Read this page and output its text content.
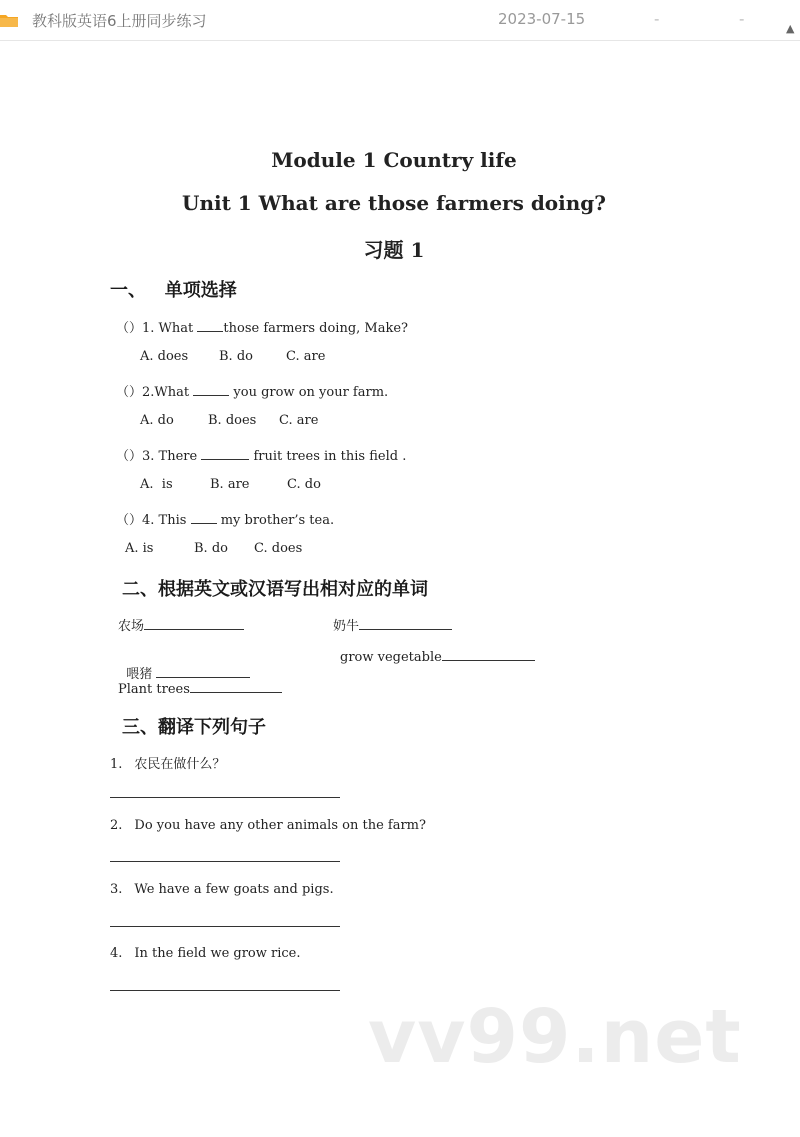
教科版英语6上册同步练习	2023-07-15	-	-
▲
Module 1 Country life
Unit 1 What are those farmers doing?
习题 1
一、   单项选择
（）1. What those farmers doing, Make?
A. does B. do	C. are
（）2.What	you grow on your farm.
A. do	B. does C. are
（）3. There	fruit trees in this field .
A.  is	B. are	C. do
（）4. This  my brother’s tea.
A. is	B. do C. does
二、根据英文或汉语写出相对应的单词
农场	奶牛

喂猪

grow vegetable
Plant trees
三、翻译下列句子
1. 农民在做什么？
2. Do you have any other animals on the farm?
3. We have a few goats and pigs.
4. In the field we grow rice.
vv99.net
